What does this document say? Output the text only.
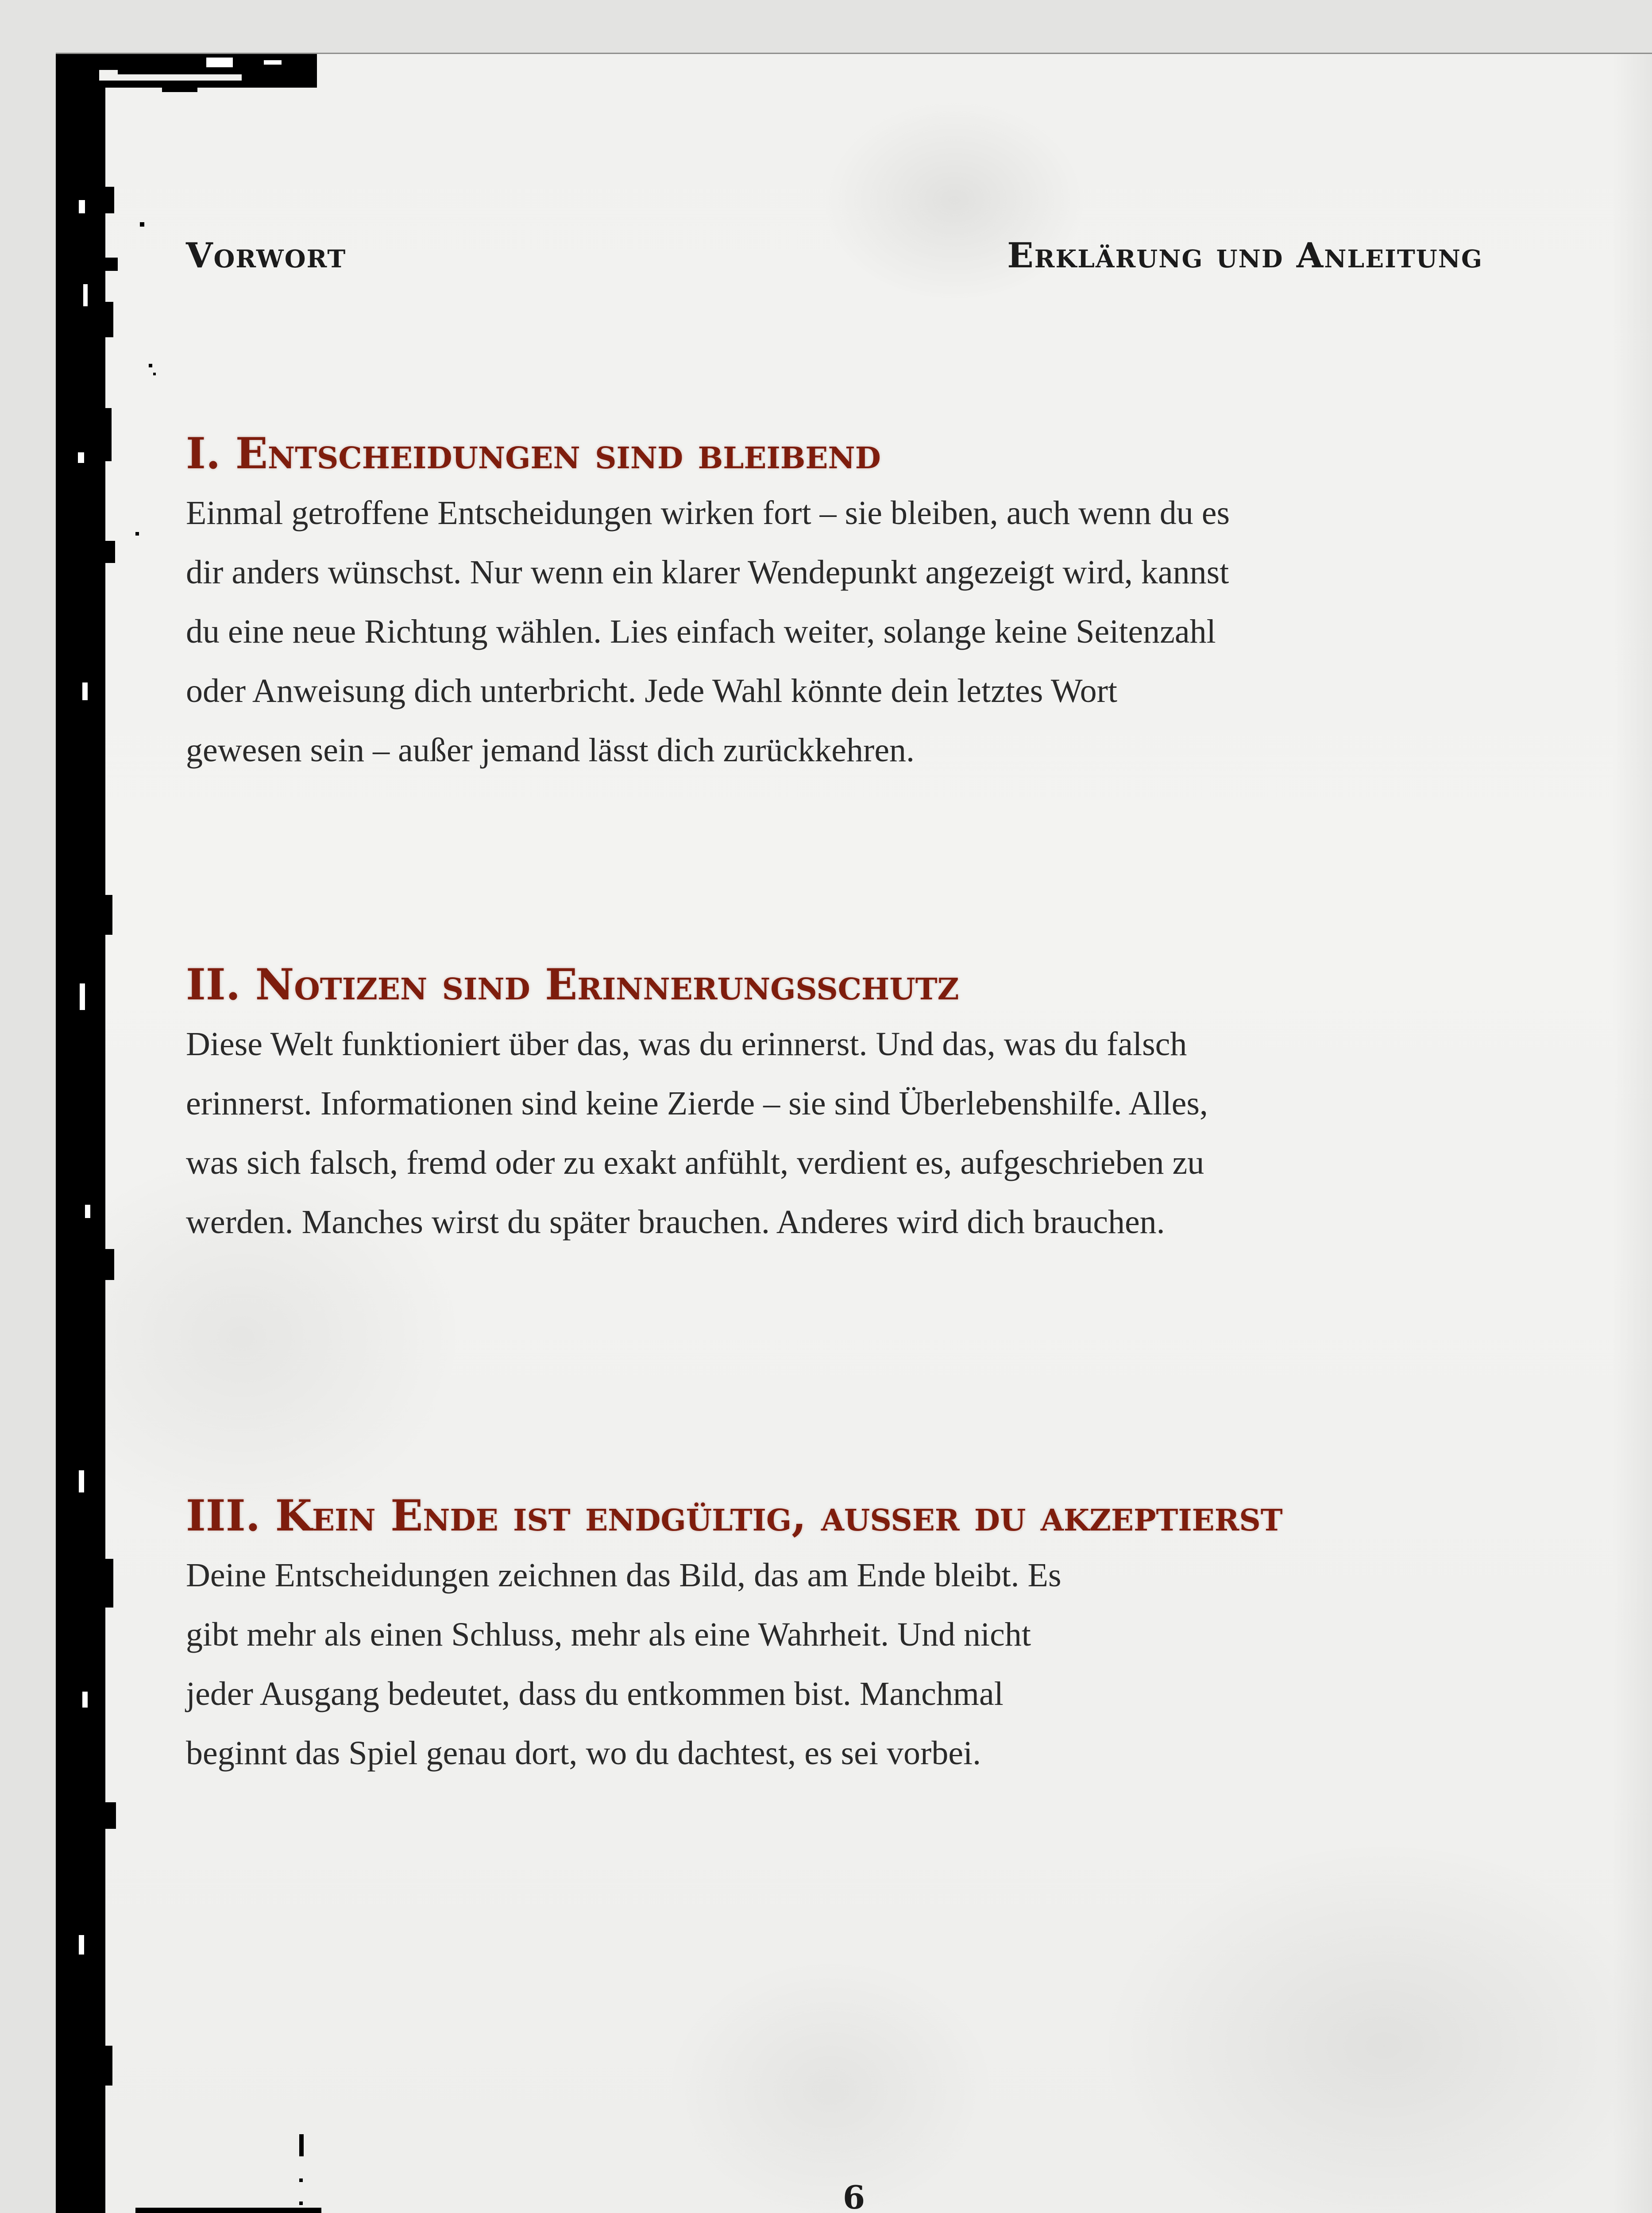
Vorwort	Erklärung und Anleitung
I. Entscheidungen sind bleibend

Einmal getroffene Entscheidungen wirken fort – sie bleiben, auch wenn du es
dir anders wünschst. Nur wenn ein klarer Wendepunkt angezeigt wird, kannst
du eine neue Richtung wählen. Lies einfach weiter, solange keine Seitenzahl
oder Anweisung dich unterbricht. Jede Wahl könnte dein letztes Wort
gewesen sein – außer jemand lässt dich zurückkehren.

II. Notizen sind Erinnerungsschutz

Diese Welt funktioniert über das, was du erinnerst. Und das, was du falsch
erinnerst. Informationen sind keine Zierde – sie sind Überlebenshilfe. Alles,
was sich falsch, fremd oder zu exakt anfühlt, verdient es, aufgeschrieben zu
werden. Manches wirst du später brauchen. Anderes wird dich brauchen.

III. Kein Ende ist endgültig, ausser du akzeptierst

Deine Entscheidungen zeichnen das Bild, das am Ende bleibt. Es
gibt mehr als einen Schluss, mehr als eine Wahrheit. Und nicht
jeder Ausgang bedeutet, dass du entkommen bist. Manchmal
beginnt das Spiel genau dort, wo du dachtest, es sei vorbei.

6
